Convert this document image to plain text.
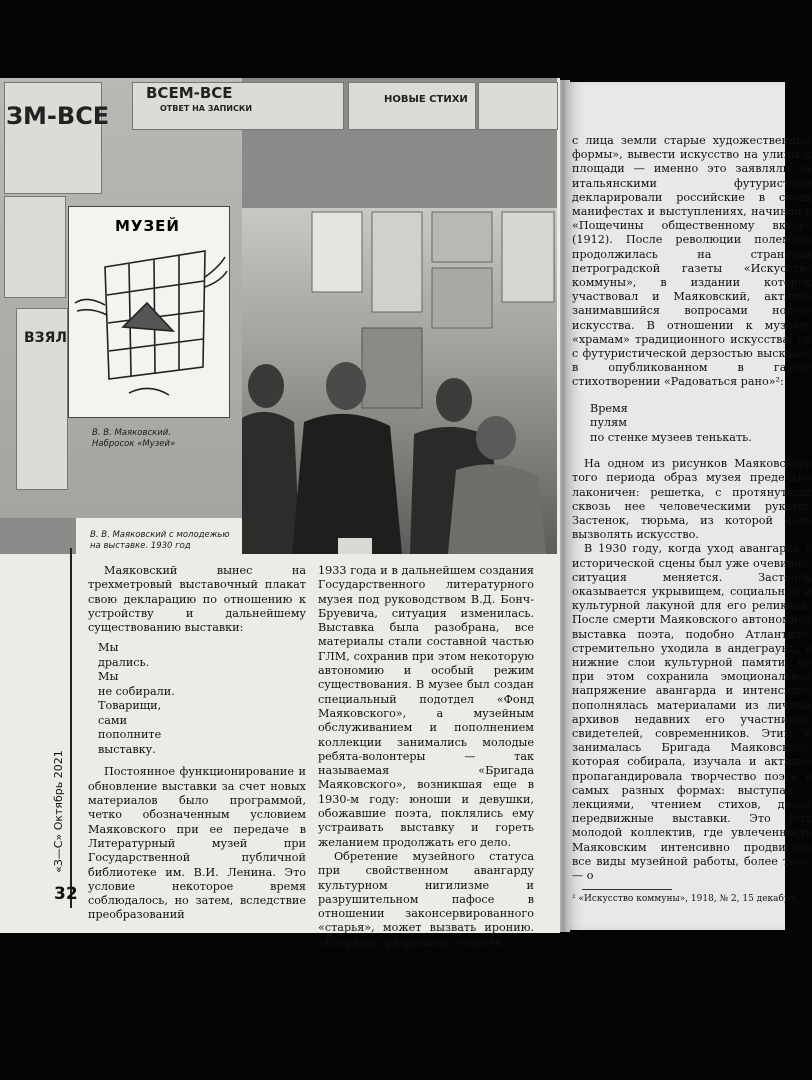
ЗМ-ВСЕ
ВЗЯЛ
ВСЕМ-ВСЕ
ОТВЕТ НА ЗАПИСКИ
НОВЫЕ СТИХИ
МУЗЕЙ
В. В. Маяковский.
Набросок «Музей»
В. В. Маяковский с молодежью
на выставке. 1930 год

Маяковский вынес на трехметровый выставочный плакат свою декларацию по отношению к устройству и дальнейшему существованию выставки:

Мы
дрались.
Мы
не собирали.
Товарищи,
сами
пополните
выставку.

Постоянное функционирование и обновление выставки за счет новых материалов было программой, четко обозначенным условием Маяковского при ее передаче в Литературный музей при Государственной публичной библиотеке им. В.И. Ленина. Это условие некоторое время соблюдалось, но затем, вследствие преобразований

1933 года и в дальнейшем создания Государственного литературного музея под руководством В.Д. Бонч-Бруевича, ситуация изменилась. Выставка была разобрана, все материалы стали составной частью ГЛМ, сохранив при этом некоторую автономию и особый режим существования. В музее был создан специальный подотдел «Фонд Маяковского», а музейным обслуживанием и пополнением коллекции занимались молодые ребята-волонтеры — так называемая «Бригада Маяковского», возникшая еще в 1930-м году: юноши и девушки, обожавшие поэта, поклялись ему устраивать выставку и гореть желанием продолжать его дело.

Обретение музейного статуса при свойственном авангарду культурном нигилизме и разрушительном пафосе в отношении законсервированного «старья», может вызвать иронию. «Взорвать, разрушить, стереть

32
«З—С» Октябрь 2021

с лица земли старые художественные формы», вывести искусство на улицы и площади — именно это заявляли за итальянскими футуристами декларировали российские в своих манифестах и выступлениях, начиная с «Пощечины общественному вкусу» (1912). После революции полемика продолжилась на страницах петроградской газеты «Искусство коммуны», в издании которой участвовал и Маяковский, активно занимавшийся вопросами нового искусства. В отношении к музеям, «храмам» традиционного искусства, он с футуристической дерзостью высказал в опубликованном в газете стихотворении «Радоваться рано»²:

Время
пулям
по стенке музеев тенькать.

На одном из рисунков Маяковского того периода образ музея предельно лаконичен: решетка, с протянутыми сквозь нее человеческими руками. Застенок, тюрьма, из которой надо вызволять искусство.

В 1930 году, когда уход авангарда с исторической сцены был уже очевиден, ситуация меняется. Застенок оказывается укрывищем, социальной и культурной лакуной для его реликвий. После смерти Маяковского автономная выставка поэта, подобно Атлантиде, стремительно уходила в андеграунд, в нижние слои культурной памяти, но при этом сохранила эмоциональное напряжение авангарда и интенсивно пополнялась материалами из личных архивов недавних его участников, свидетелей, современников. Этим и занималась Бригада Маяковского, которая собирала, изучала и активно пропагандировала творчество поэта в самых разных формах: выступая с лекциями, чтением стихов, делая передвижные выставки. Это был молодой коллектив, где увлеченность Маяковским интенсивно продвигала все виды музейной работы, более того, — о

² «Искусство коммуны», 1918, № 2, 15 декабря.
